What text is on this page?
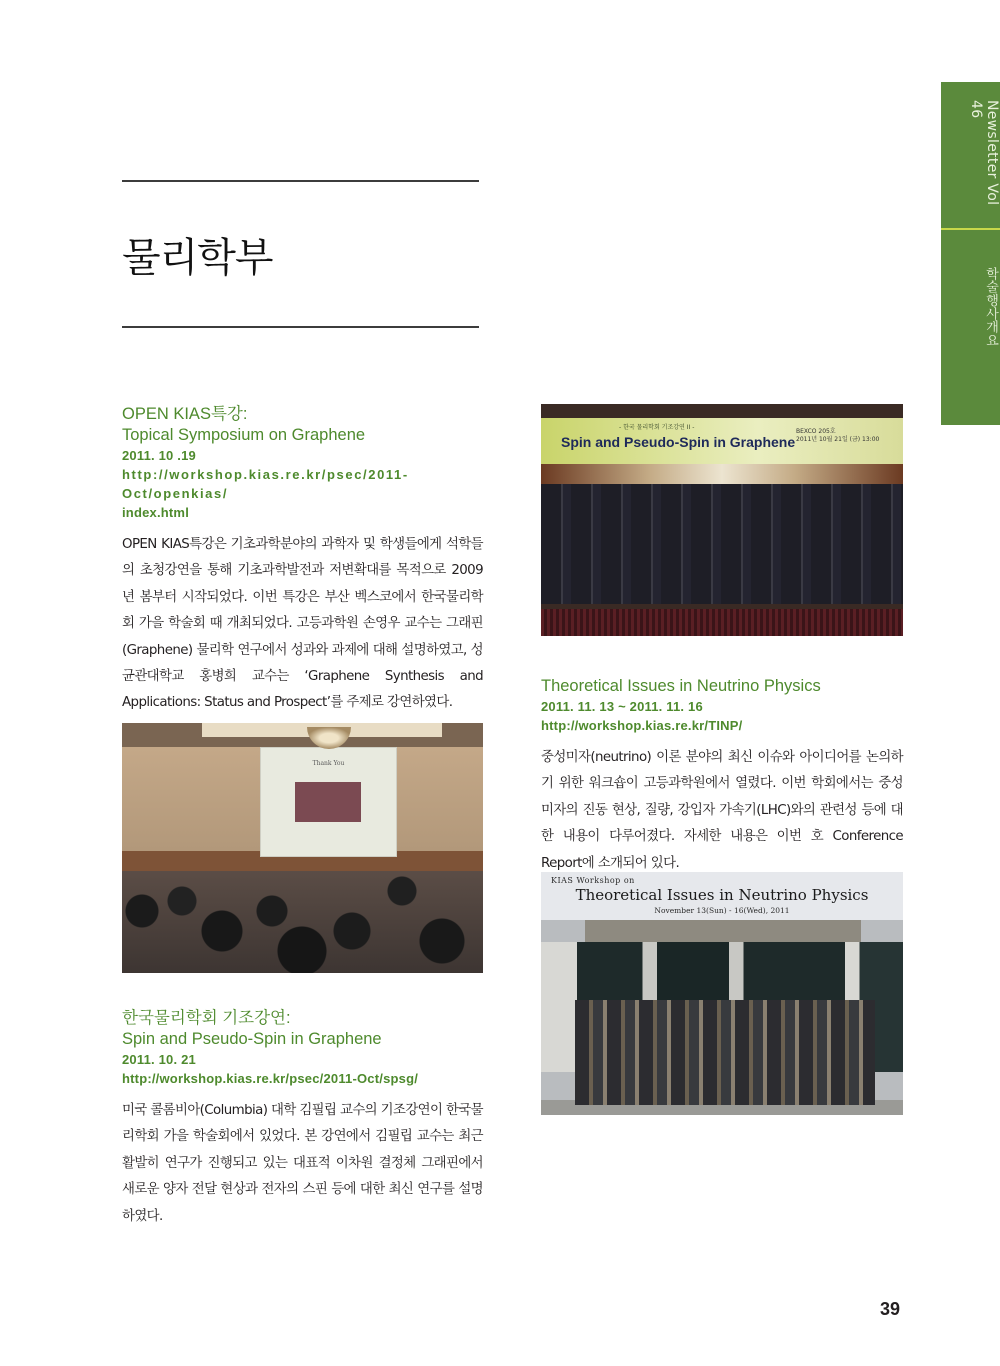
Newsletter Vol 46
학술행사개요
물리학부
OPEN KIAS특강:
Topical Symposium on Graphene
2011. 10 .19
http://workshop.kias.re.kr/psec/2011-Oct/openkias/
index.html

OPEN KIAS특강은 기초과학분야의 과학자 및 학생들에게 석학들의 초청강연을 통해 기초과학발전과 저변확대를 목적으로 2009년 봄부터 시작되었다. 이번 특강은 부산 벡스코에서 한국물리학회 가을 학술회 때 개최되었다. 고등과학원 손영우 교수는 그래핀(Graphene) 물리학 연구에서 성과와 과제에 대해 설명하였고, 성균관대학교 홍병희 교수는 ‘Graphene Synthesis and Applications: Status and Prospect’를 주제로 강연하였다.

Thank You
한국물리학회 기조강연:
Spin and Pseudo-Spin in Graphene
2011. 10. 21
http://workshop.kias.re.kr/psec/2011-Oct/spsg/

미국 콜롬비아(Columbia) 대학 김필립 교수의 기조강연이 한국물리학회 가을 학술회에서 있었다. 본 강연에서 김필립 교수는 최근 활발히 연구가 진행되고 있는 대표적 이차원 결정체 그래핀에서 새로운 양자 전달 현상과 전자의 스핀 등에 대한 최신 연구를 설명하였다.

- 한국 물리학회 기조강연 II -
Spin and Pseudo-Spin in Graphene
BEXCO 205호
2011년 10월 21일 (금) 13:00
Theoretical Issues in Neutrino Physics
2011. 11. 13 ~ 2011. 11. 16
http://workshop.kias.re.kr/TINP/

중성미자(neutrino) 이론 분야의 최신 이슈와 아이디어를 논의하기 위한 워크숍이 고등과학원에서 열렸다. 이번 학회에서는 중성미자의 진동 현상, 질량, 강입자 가속기(LHC)와의 관련성 등에 대한 내용이 다루어졌다. 자세한 내용은 이번 호 Conference Report에 소개되어 있다.

KIAS Workshop on
Theoretical Issues in Neutrino Physics
November 13(Sun) - 16(Wed), 2011
39
